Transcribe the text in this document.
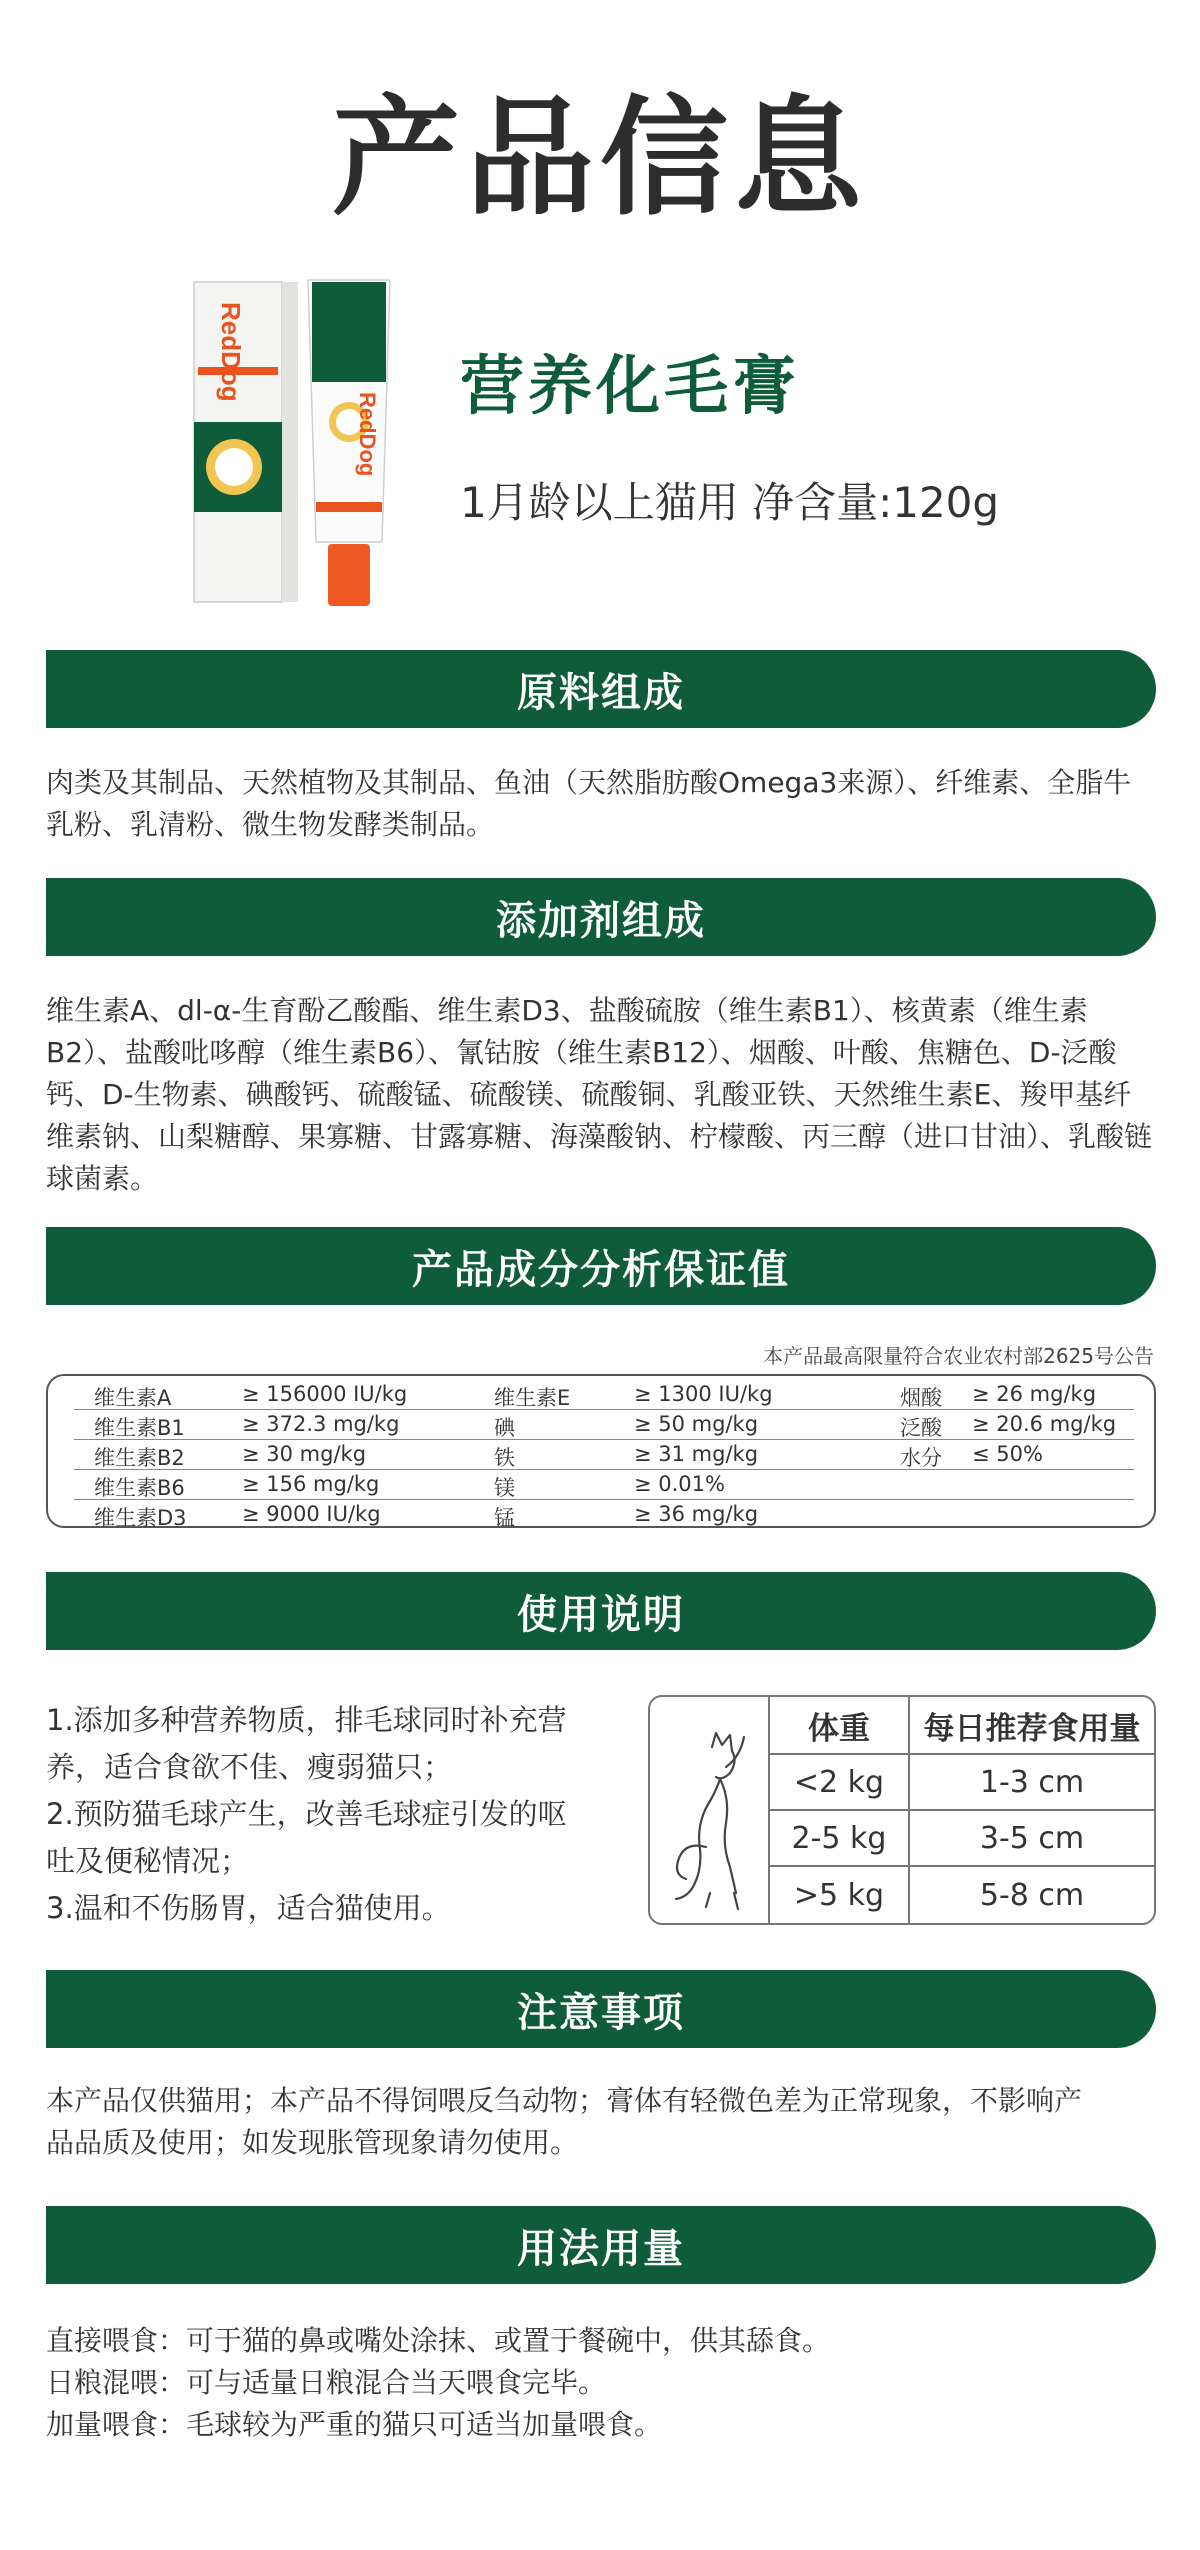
产品信息
RedDog
RedDog
营养化毛膏
1月龄以上猫用 净含量:120g
原料组成
肉类及其制品、天然植物及其制品、鱼油（天然脂肪酸Omega3来源）、纤维素、全脂牛乳粉、乳清粉、微生物发酵类制品。
添加剂组成
维生素A、dl-α-生育酚乙酸酯、维生素D3、盐酸硫胺（维生素B1）、核黄素（维生素B2）、盐酸吡哆醇（维生素B6）、氰钴胺（维生素B12）、烟酸、叶酸、焦糖色、D-泛酸钙、D-生物素、碘酸钙、硫酸锰、硫酸镁、硫酸铜、乳酸亚铁、天然维生素E、羧甲基纤维素钠、山梨糖醇、果寡糖、甘露寡糖、海藻酸钠、柠檬酸、丙三醇（进口甘油）、乳酸链球菌素。
产品成分分析保证值
本产品最高限量符合农业农村部2625号公告
维生素A	≥ 156000 IU/kg	维生素E	≥ 1300 IU/kg	烟酸 ≥ 26 mg/kg
维生素B1	≥ 372.3 mg/kg	碘	≥ 50 mg/kg	泛酸 ≥ 20.6 mg/kg
维生素B2	≥ 30 mg/kg	铁	≥ 31 mg/kg	水分 ≤ 50%
维生素B6	≥ 156 mg/kg	镁	≥ 0.01%
维生素D3	≥ 9000 IU/kg	锰	≥ 36 mg/kg
使用说明
1.添加多种营养物质，排毛球同时补充营
养，适合食欲不佳、瘦弱猫只；
2.预防猫毛球产生，改善毛球症引发的呕
吐及便秘情况；
3.温和不伤肠胃，适合猫使用。
体重	每日推荐食用量
<2 kg	1-3 cm
2-5 kg	3-5 cm
>5 kg	5-8 cm
注意事项
本产品仅供猫用；本产品不得饲喂反刍动物；膏体有轻微色差为正常现象，不影响产品品质及使用；如发现胀管现象请勿使用。
用法用量
直接喂食：可于猫的鼻或嘴处涂抹、或置于餐碗中，供其舔食。
日粮混喂：可与适量日粮混合当天喂食完毕。
加量喂食：毛球较为严重的猫只可适当加量喂食。
